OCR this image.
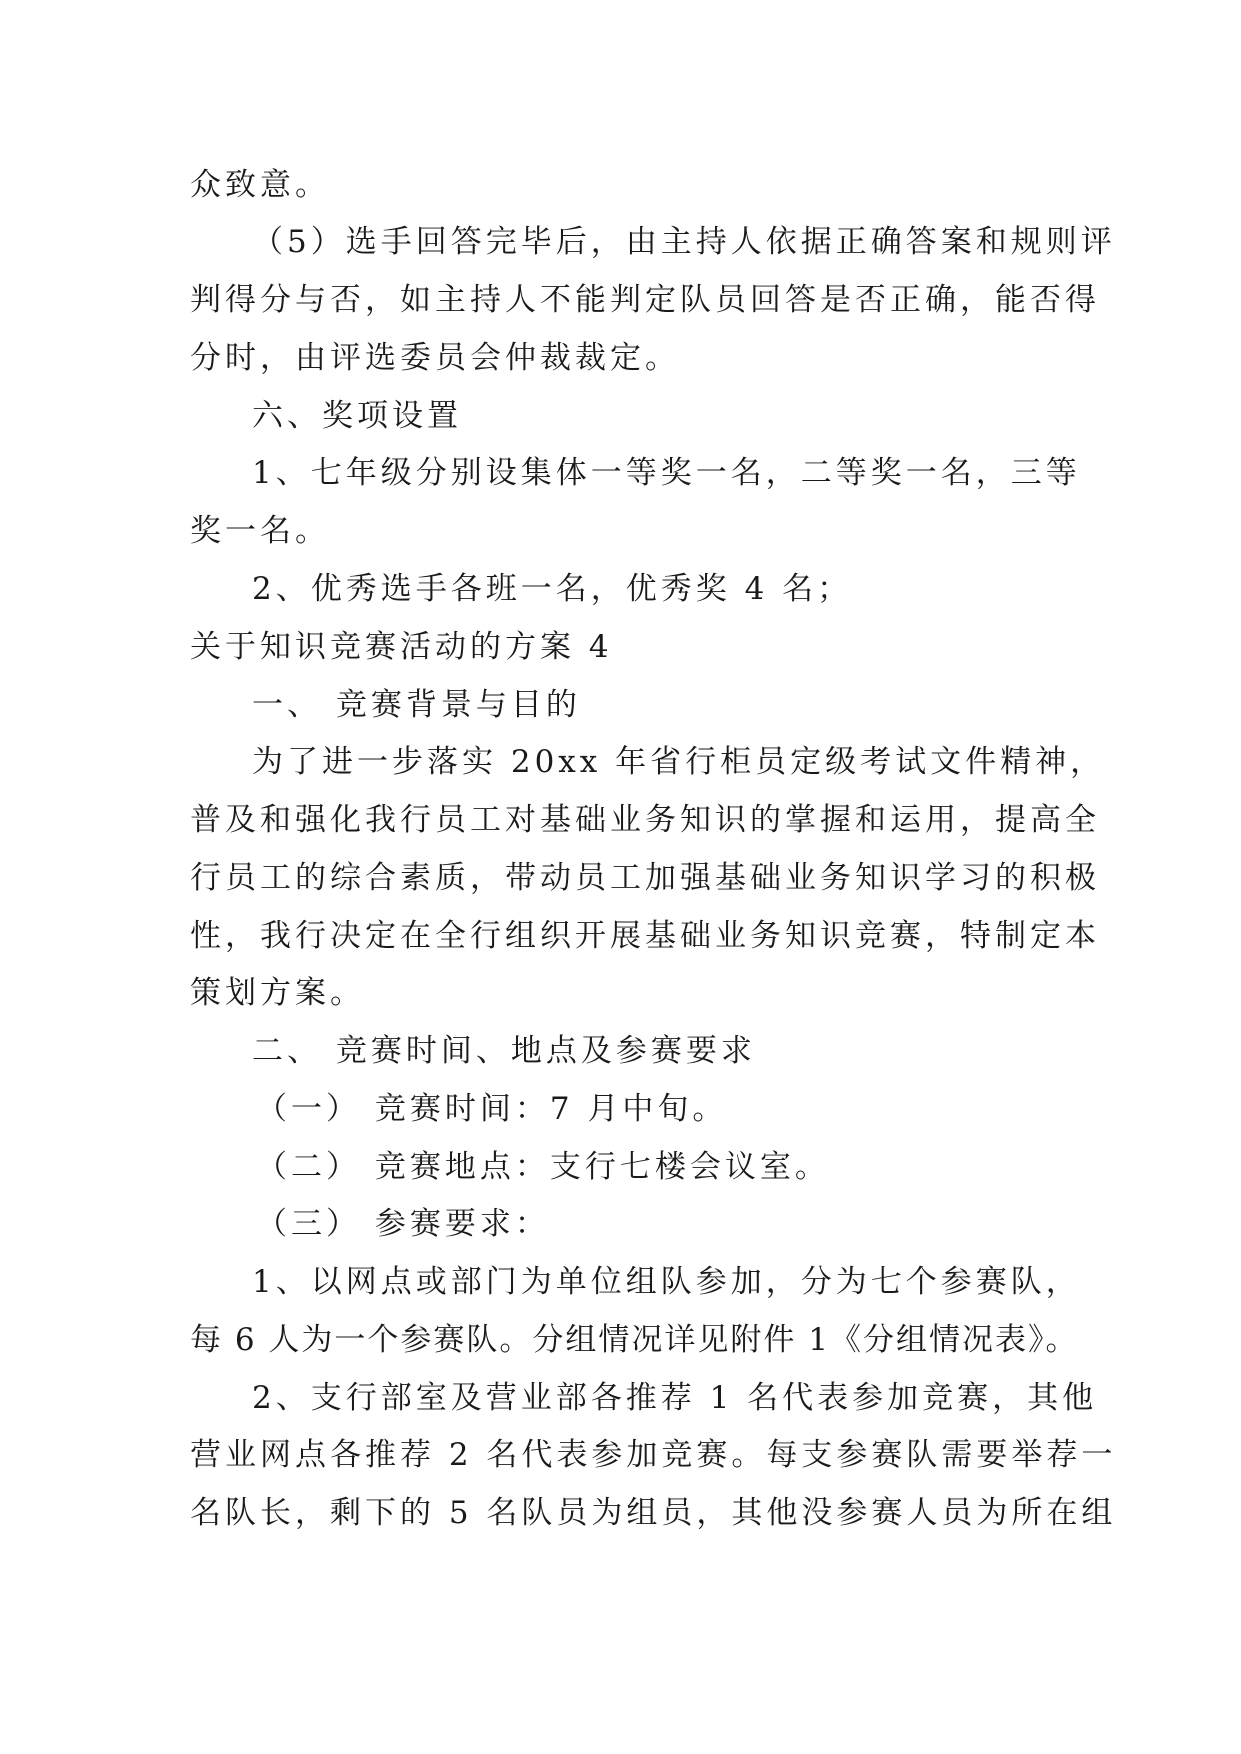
众致意。
（5）选手回答完毕后，由主持人依据正确答案和规则评
判得分与否，如主持人不能判定队员回答是否正确，能否得
分时，由评选委员会仲裁裁定。
六、奖项设置
1、七年级分别设集体一等奖一名，二等奖一名，三等
奖一名。
2、优秀选手各班一名，优秀奖 4 名；
关于知识竞赛活动的方案 4
一、 竞赛背景与目的
为了进一步落实 20xx 年省行柜员定级考试文件精神，
普及和强化我行员工对基础业务知识的掌握和运用，提高全
行员工的综合素质，带动员工加强基础业务知识学习的积极
性，我行决定在全行组织开展基础业务知识竞赛，特制定本
策划方案。
二、 竞赛时间、地点及参赛要求
（一） 竞赛时间：7 月中旬。
（二） 竞赛地点：支行七楼会议室。
（三） 参赛要求：
1、以网点或部门为单位组队参加，分为七个参赛队，
每 6 人为一个参赛队。分组情况详见附件 1《分组情况表》。
2、支行部室及营业部各推荐 1 名代表参加竞赛，其他
营业网点各推荐 2 名代表参加竞赛。每支参赛队需要举荐一
名队长，剩下的 5 名队员为组员，其他没参赛人员为所在组
